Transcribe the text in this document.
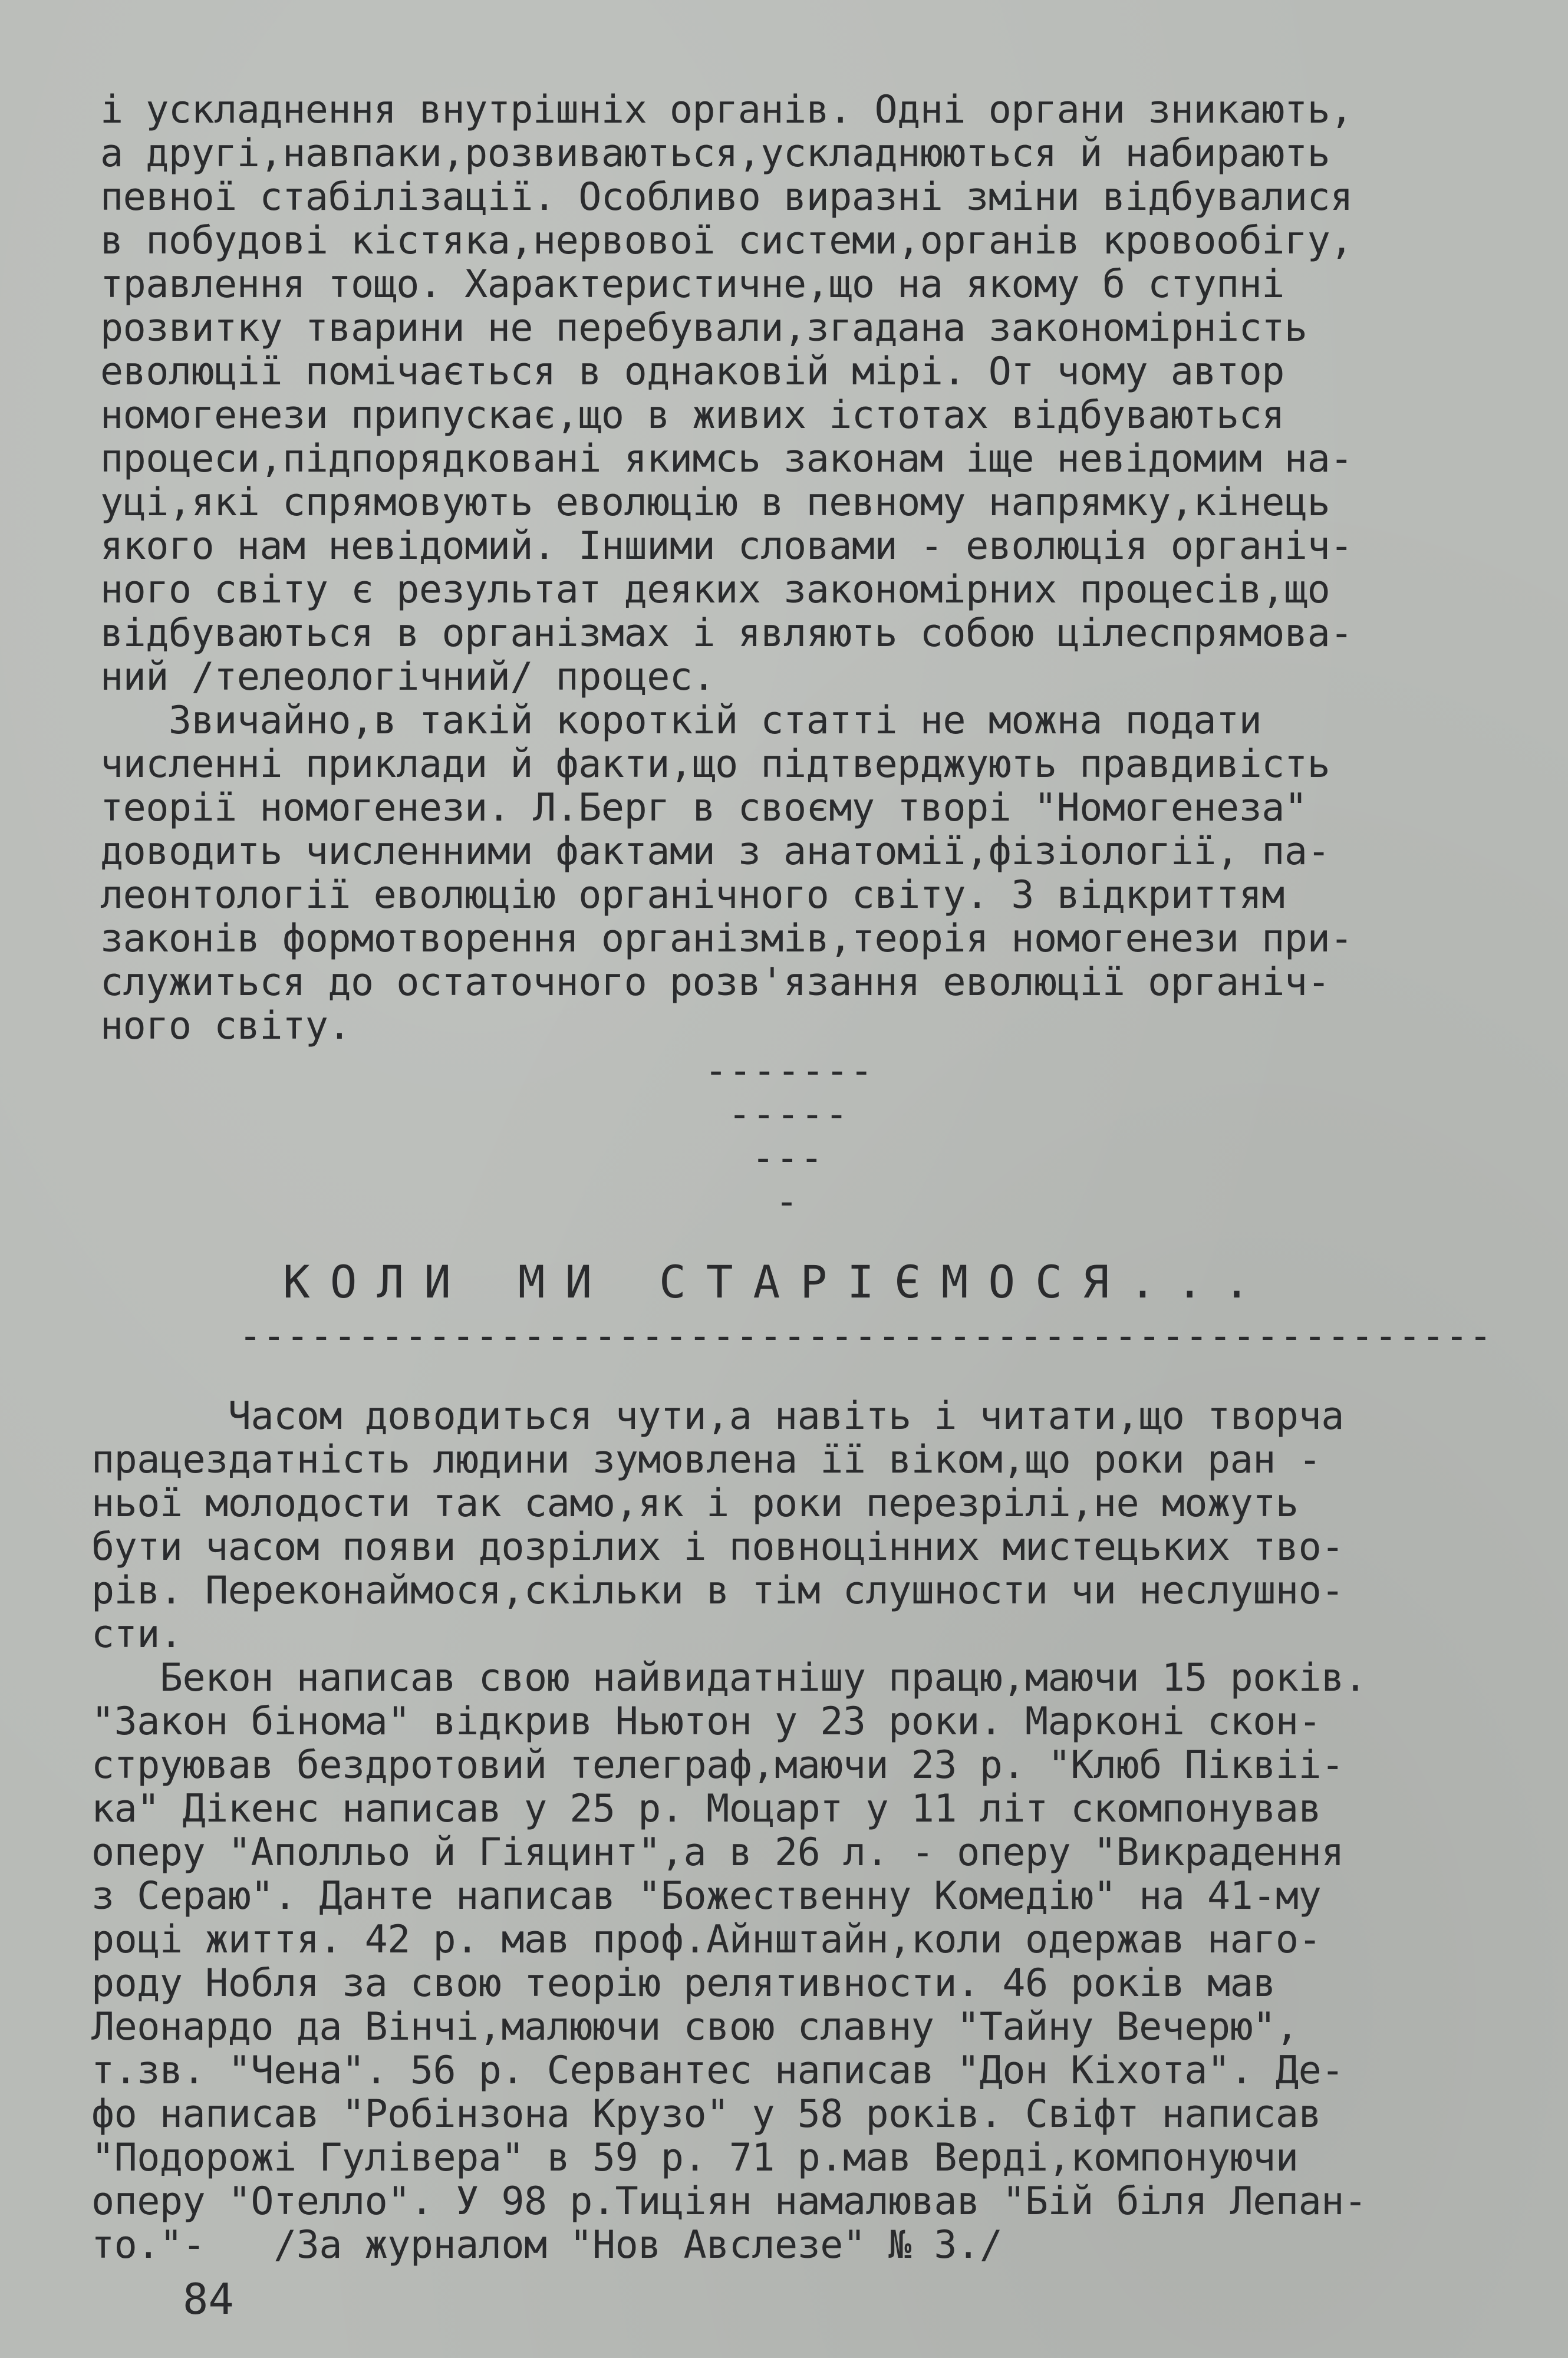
і ускладнення внутрішніх органів. Одні органи зникають,

а другі,навпаки,розвиваються,ускладнюються й набирають

певної стабілізації. Особливо виразні зміни відбувалися

в побудові кістяка,нервової системи,органів кровообігу,

травлення тощо. Характеристичне,що на якому б ступні

розвитку тварини не перебували,згадана закономірність

еволюції помічається в однаковій мірі. От чому автор

номогенези припускає,що в живих істотах відбуваються

процеси,підпорядковані якимсь законам іще невідомим на-

уці,які спрямовують еволюцію в певному напрямку,кінець

якого нам невідомий. Іншими словами - еволюція органіч-

ного світу є результат деяких закономірних процесів,що

відбуваються в організмах і являють собою цілеспрямова-

ний /телеологічний/ процес.

Звичайно,в такій короткій статті не можна подати

численні приклади й факти,що підтверджують правдивість

теорії номогенези. Л.Берг в своєму творі "Номогенеза"

доводить численними фактами з анатомії,фізіології, па-

леонтології еволюцію органічного світу. З відкриттям

законів формотворення організмів,теорія номогенези при-

служиться до остаточного розв'язання еволюції органіч-

ного світу.

-------

-----

---

-

КОЛИ МИ СТАРІЄМОСЯ...

-----------------------------------------------------

Часом доводиться чути,а навіть і читати,що творча

працездатність людини зумовлена її віком,що роки ран -

ньої молодости так само,як і роки перезрілі,не можуть

бути часом появи дозрілих і повноцінних мистецьких тво-

рів. Переконаймося,скільки в тім слушности чи неслушно-

сти.

Бекон написав свою найвидатнішу працю,маючи 15 років.

"Закон бінома" відкрив Ньютон у 23 роки. Марконі скон-

струював бездротовий телеграф,маючи 23 р. "Клюб Піквіі-

ка" Дікенс написав у 25 р. Моцарт у 11 літ скомпонував

оперу "Аполльо й Гіяцинт",а в 26 л. - оперу "Викрадення

з Сераю". Данте написав "Божественну Комедію" на 41-му

році життя. 42 р. мав проф.Айнштайн,коли одержав наго-

роду Нобля за свою теорію релятивности. 46 років мав

Леонардо да Вінчі,малюючи свою славну "Тайну Вечерю",

т.зв. "Чена". 56 р. Сервантес написав "Дон Кіхота". Де-

фо написав "Робінзона Крузо" у 58 років. Свіфт написав

"Подорожі Гулівера" в 59 р. 71 р.мав Верді,компонуючи

оперу "Отелло". У 98 р.Тиціян намалював "Бій біля Лепан-

то."-   /За журналом "Нов Авслезе" № 3./

84
